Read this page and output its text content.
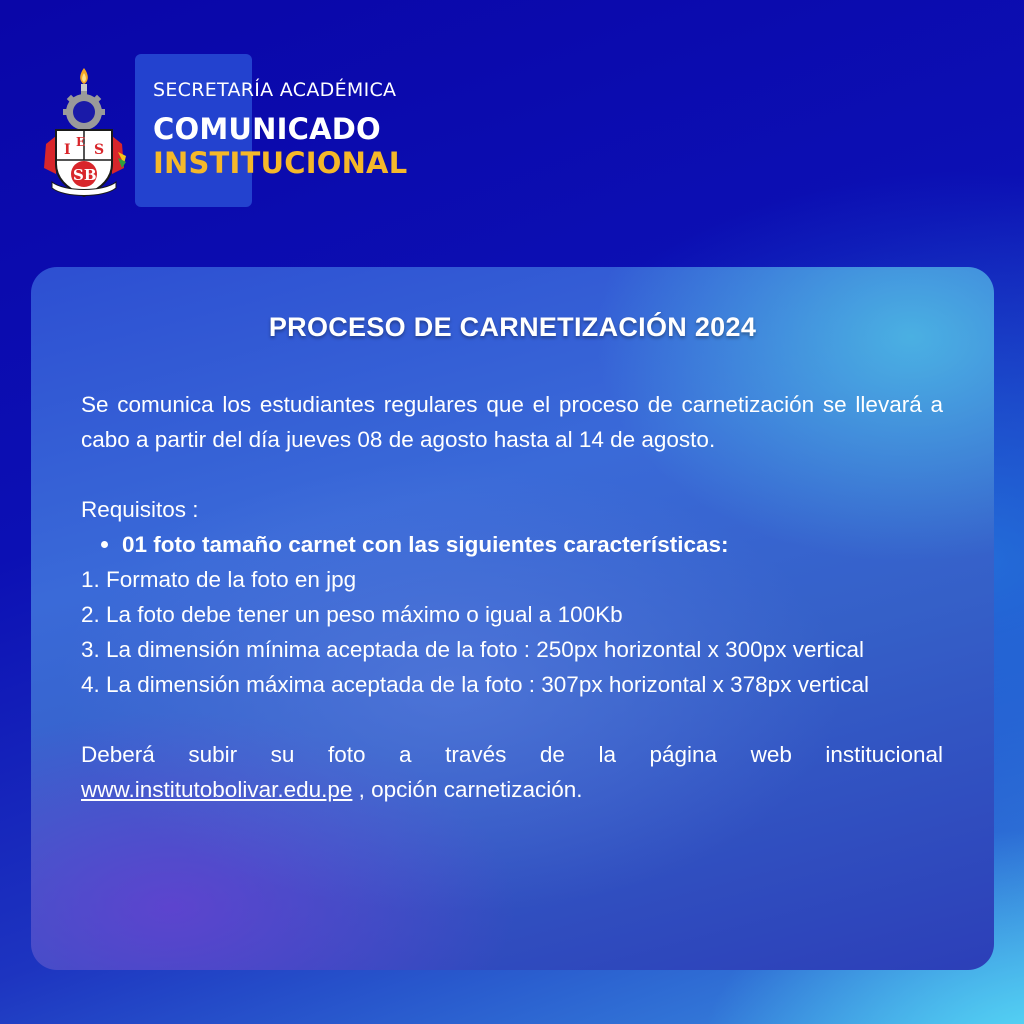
I E S
SB
SECRETARÍA ACADÉMICA
COMUNICADO
INSTITUCIONAL
PROCESO DE CARNETIZACIÓN 2024

Se comunica los estudiantes regulares que el proceso de carnetización se llevará a cabo a partir del día jueves 08 de agosto hasta al 14 de agosto.

Requisitos :
01 foto tamaño carnet con las siguientes características:
1. Formato de la foto en jpg
2. La foto debe tener un peso máximo o igual a 100Kb
3. La dimensión mínima aceptada de la foto : 250px horizontal x 300px vertical
4. La dimensión máxima aceptada de la foto : 307px horizontal x 378px vertical

Deberá subir su foto a través de la página web institucional www.institutobolivar.edu.pe , opción carnetización.
